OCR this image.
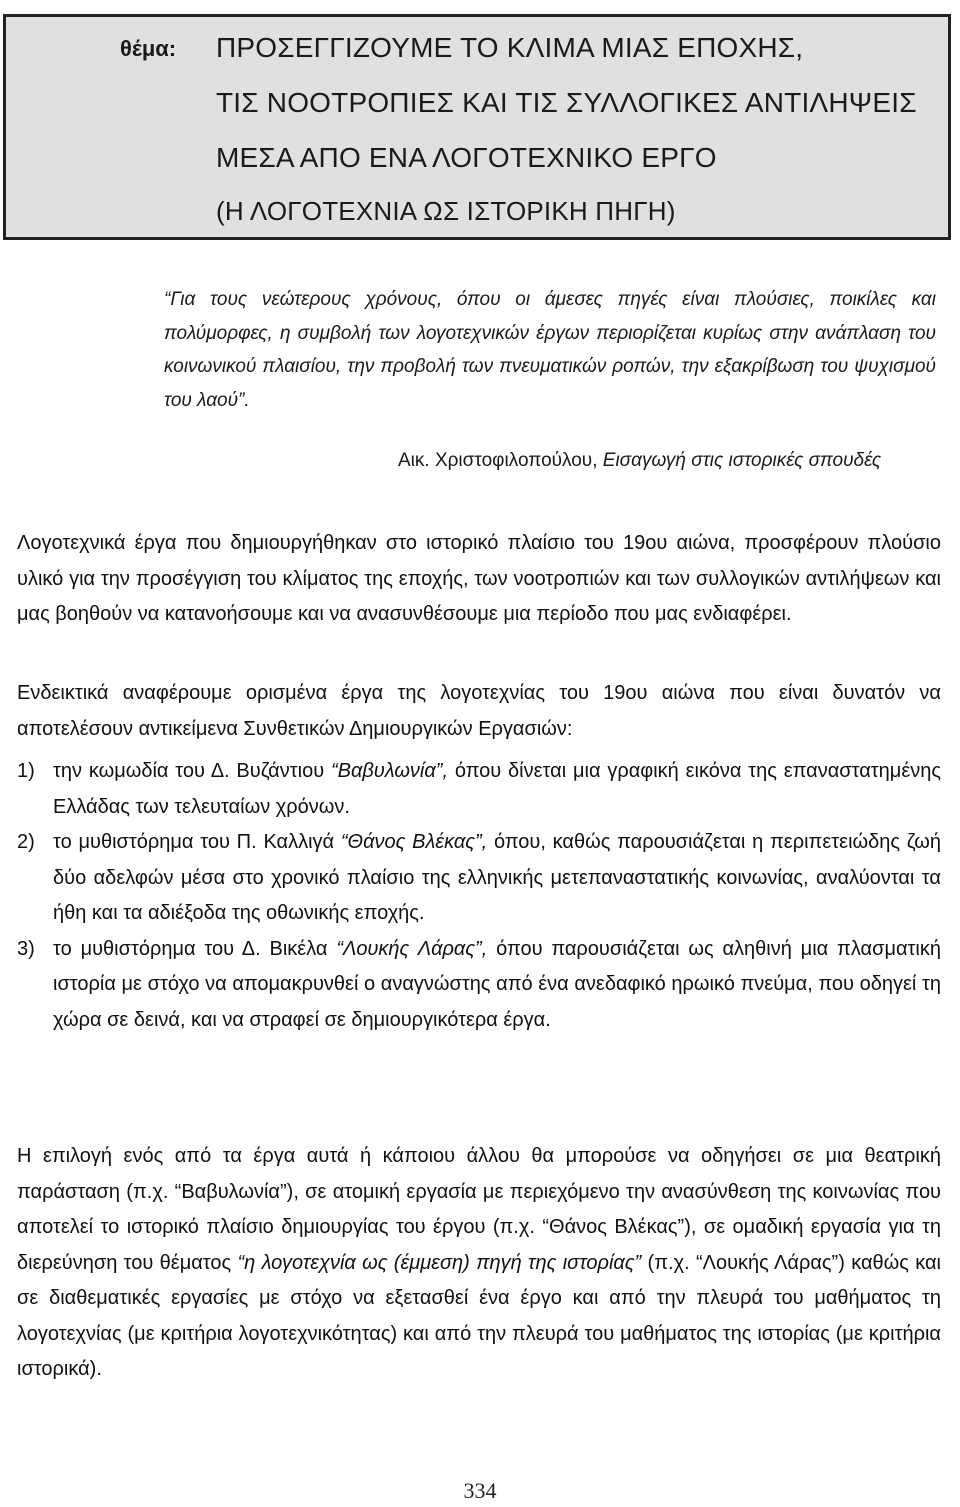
θέμα: ΠΡΟΣΕΓΓΙΖΟΥΜΕ ΤΟ ΚΛΙΜΑ ΜΙΑΣ ΕΠΟΧΗΣ,
ΤΙΣ ΝΟΟΤΡΟΠΙΕΣ ΚΑΙ ΤΙΣ ΣΥΛΛΟΓΙΚΕΣ ΑΝΤΙΛΗΨΕΙΣ
ΜΕΣΑ ΑΠΟ ΕΝΑ ΛΟΓΟΤΕΧΝΙΚΟ ΕΡΓΟ
(Η ΛΟΓΟΤΕΧΝΙΑ ΩΣ ΙΣΤΟΡΙΚΗ ΠΗΓΗ)
“Για τους νεώτερους χρόνους, όπου οι άμεσες πηγές είναι πλούσιες, ποικίλες και πολύμορφες, η συμβολή των λογοτεχνικών έργων περιορίζεται κυρίως στην ανάπλαση του κοινωνικού πλαισίου, την προβολή των πνευματικών ροπών, την εξακρίβωση του ψυχισμού του λαού”.
Αικ. Χριστοφιλοπούλου, Εισαγωγή στις ιστορικές σπουδές
Λογοτεχνικά έργα που δημιουργήθηκαν στο ιστορικό πλαίσιο του 19ου αιώνα, προσφέρουν πλούσιο υλικό για την προσέγγιση του κλίματος της εποχής, των νοοτροπιών και των συλλογικών αντιλήψεων και μας βοηθούν να κατανοήσουμε και να ανασυνθέσουμε μια περίοδο που μας ενδιαφέρει.
Ενδεικτικά αναφέρουμε ορισμένα έργα της λογοτεχνίας του 19ου αιώνα που είναι δυνατόν να αποτελέσουν αντικείμενα Συνθετικών Δημιουργικών Εργασιών:
1) την κωμωδία του Δ. Βυζάντιου “Βαβυλωνία”, όπου δίνεται μια γραφική εικόνα της επαναστατημένης Ελλάδας των τελευταίων χρόνων.
2) το μυθιστόρημα του Π. Καλλιγά “Θάνος Βλέκας”, όπου, καθώς παρουσιάζεται η περιπετειώδης ζωή δύο αδελφών μέσα στο χρονικό πλαίσιο της ελληνικής μετεπαναστατικής κοινωνίας, αναλύονται τα ήθη και τα αδιέξοδα της οθωνικής εποχής.
3) το μυθιστόρημα του Δ. Βικέλα “Λουκής Λάρας”, όπου παρουσιάζεται ως αληθινή μια πλασματική ιστορία με στόχο να απομακρυνθεί ο αναγνώστης από ένα ανεδαφικό ηρωικό πνεύμα, που οδηγεί τη χώρα σε δεινά, και να στραφεί σε δημιουργικότερα έργα.
Η επιλογή ενός από τα έργα αυτά ή κάποιου άλλου θα μπορούσε να οδηγήσει σε μια θεατρική παράσταση (π.χ. “Βαβυλωνία”), σε ατομική εργασία με περιεχόμενο την ανασύνθεση της κοινωνίας που αποτελεί το ιστορικό πλαίσιο δημιουργίας του έργου (π.χ. “Θάνος Βλέκας”), σε ομαδική εργασία για τη διερεύνηση του θέματος “η λογοτεχνία ως (έμμεση) πηγή της ιστορίας” (π.χ. “Λουκής Λάρας”) καθώς και σε διαθεματικές εργασίες με στόχο να εξετασθεί ένα έργο και από την πλευρά του μαθήματος τη λογοτεχνίας (με κριτήρια λογοτεχνικότητας) και από την πλευρά του μαθήματος της ιστορίας (με κριτήρια ιστορικά).
334
